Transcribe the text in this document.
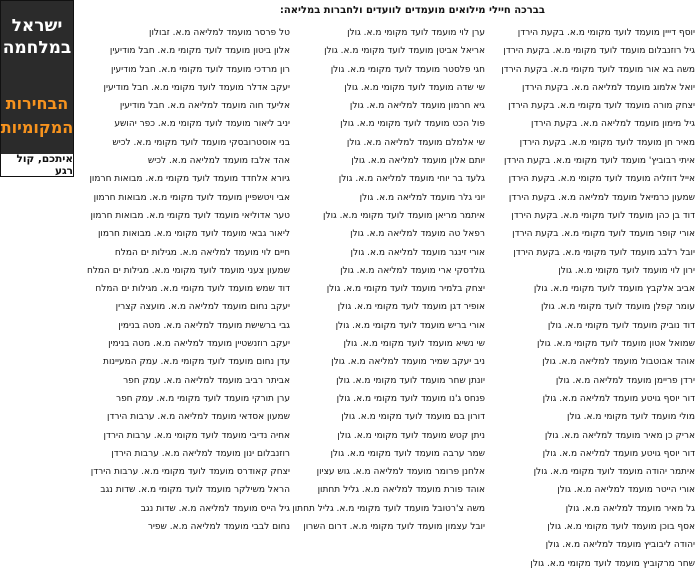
ישראל
במלחמה
הבחירות
המקומיות
איתכם, קול רגע
בברכה חיילי מילואים מועמדים לוועדים ולחברות במליאה:
יוסף דייין מועמד לועד מקומי מ.א. בקעת הירדן
גיל רוזנבלום מועמד לועד מקומי מ.א. בקעת הירדן
משה בא אור מועמד לועד מקומי מ.א. בקעת הירדן
יואל אלמוג מועמד למליאה מ.א. בקעת הירדן
יצחק מורה מועמד לועד מקומי מ.א. בקעת הירדן
גיל מימון מועמד למליאה מ.א. בקעת הירדן
מאיר חן מועמד לועד מקומי מ.א. בקעת הירדן
איתי רבוביץ' מועמד לועד מקומי מ.א. בקעת הירדן
אייל דוזליה מועמד לועד מקומי מ.א. בקעת הירדן
שמעון כרמיאל מועמד למליאה מ.א. בקעת הירדן
דוד בן כהן מועמד לועד מקומי מ.א. בקעת הירדן
אורי קופר מועמד לועד מקומי מ.א. בקעת הירדן
יובל רלבג מועמד לועד מקומי מ.א. בקעת הירדן
ירון לוי מועמד לועד מקומי מ.א. גולן
אביב אלקבץ מועמד לועד מקומי מ.א. גולן
עומר קפלן מועמד לועד מקומי מ.א. גולן
דוד נוביק מועמד לועד מקומי מ.א. גולן
שמואל אטון מועמד לועד מקומי מ.א. גולן
אוהד אבוטבול מועמד למליאה מ.א. גולן
ירדן פריימן מועמד למליאה מ.א. גולן
דור יוסף גויטע מועמד למליאה מ.א. גולן
מולי מועמד לועד מקומי מ.א. גולן
אריק כן מאיר מועמד למליאה מ.א. גולן
דור יוסף גויטע מועמד למליאה מ.א. גולן
איתמר יהודה מועמד לועד מקומי מ.א. גולן
אורי הייטר מועמד למליאה מ.א. גולן
גל מאיר מועמד למליאה מ.א. גולן
אסף בוכן מועמד לועד מקומי מ.א. גולן
יהודה ליבוביץ מועמד למליאה מ.א. גולן
שחר מרקוביץ מועמד לועד מקומי מ.א. גולן
ערן לוי מועמד לועד מקומי מ.א. גולן
אריאל אביטן מועמד לועד מקומי מ.א. גולן
חגי פלסטר מועמד לועד מקומי מ.א. גולן
שי שדה מועמד לועד מקומי מ.א. גולן
גיא חרמון מועמד למליאה מ.א. גולן
פול הכט מועמד לועד מקומי מ.א. גולן
שי אלמלם מועמד למליאה מ.א. גולן
יותם אלון מועמד למליאה מ.א. גולן
גלעד בר יוחי מועמד למליאה מ.א. גולן
יוני גלר מועמד למליאה מ.א. גולן
איתמר מריאן מועמד לועד מקומי מ.א. גולן
רפאל טה מועמד למליאה מ.א. גולן
אורי זינגר מועמד למליאה מ.א. גולן
גולדסקי ארי מועמד למליאה מ.א. גולן
יצחק בלמיר מועמד לועד מקומי מ.א. גולן
אופיר דגן מועמד לועד מקומי מ.א. גולן
אורי בריש מועמד לועד מקומי מ.א. גולן
שי נשיא מועמד לועד מקומי מ.א. גולן
ניב יעקב שמיר מועמד למליאה מ.א. גולן
יונתן שחר מועמד לועד מקומי מ.א. גולן
פנחס ג'נו מועמד לועד מקומי מ.א. גולן
דורון בם מועמד לועד מקומי מ.א. גולן
ניתן קטש מועמד לועד מקומי מ.א. גולן
שמר ערבה מועמד לועד מקומי מ.א. גולן
אלחנן פרומר מועמד למליאה מ.א. גוש עציון
אוהד פורת מועמד למליאה מ.א. גליל תחתון
משה צ'רטובל מועמד לועד מקומי מ.א. גליל תחתון
יובל עצמון מועמד לועד מקומי מ.א. דרום השרון
טל פרסר מועמד למליאה מ.א. זבולון
אלון ביטון מועמד לועד מקומי מ.א. חבל מודיעין
רון מרדכי מועמד לועד מקומי מ.א. חבל מודיעין
יעקב אדלר מועמד לועד מקומי מ.א. חבל מודיעין
אליעד חוה מועמד למליאה מ.א. חבל מודיעין
יניב ליאור מועמד לועד מקומי מ.א. כפר יהושע
בני אוסטרובסקי מועמד לועד מקומי מ.א. לכיש
אהד אלבז מועמד למליאה מ.א. לכיש
גיורא אלחדד מועמד לועד מקומי מ.א. מבואות חרמון
אבי ויטשפיין מועמד לועד מקומי מ.א. מבואות חרמון
טער אדוליאי מועמד לועד מקומי מ.א. מבואות חרמון
ליאור גבאי מועמד לועד מקומי מ.א. מבואות חרמון
חיים לוי מועמד למליאה מ.א. מגילות ים המלח
שמעון צעני מועמד לועד מקומי מ.א. מגילות ים המלח
דוד שמש מועמד לועד מקומי מ.א. מגילות ים המלח
יעקב נחום מועמד למליאה מ.א. מועצה קצרין
גבי ברשישת מועמד למליאה מ.א. מטה בנימין
יעקב רוזנשטיין מועמד למליאה מ.א. מטה בנימין
עדן נחום מועמד לועד מקומי מ.א. עמק המעיינות
אביתר רביב מועמד למליאה מ.א. עמק חפר
ערן תורקי מועמד לועד מקומי מ.א. עמק חפר
שמעון אסדאי מועמד למליאה מ.א. ערבות הירדן
אחיה נדיבי מועמד לועד מקומי מ.א. ערבות הירדן
רוזנבלום ינון מועמד למליאה מ.א. ערבות הירדן
יצחק קאודרס מועמד לועד מקומי מ.א. ערבות הירדן
הראל משילקר מועמד לועד מקומי מ.א. שדות נגב
גיל הייס מועמד למליאה מ.א. שדות נגב
נחום לבבי מועמד למליאה מ.א. שפיר
